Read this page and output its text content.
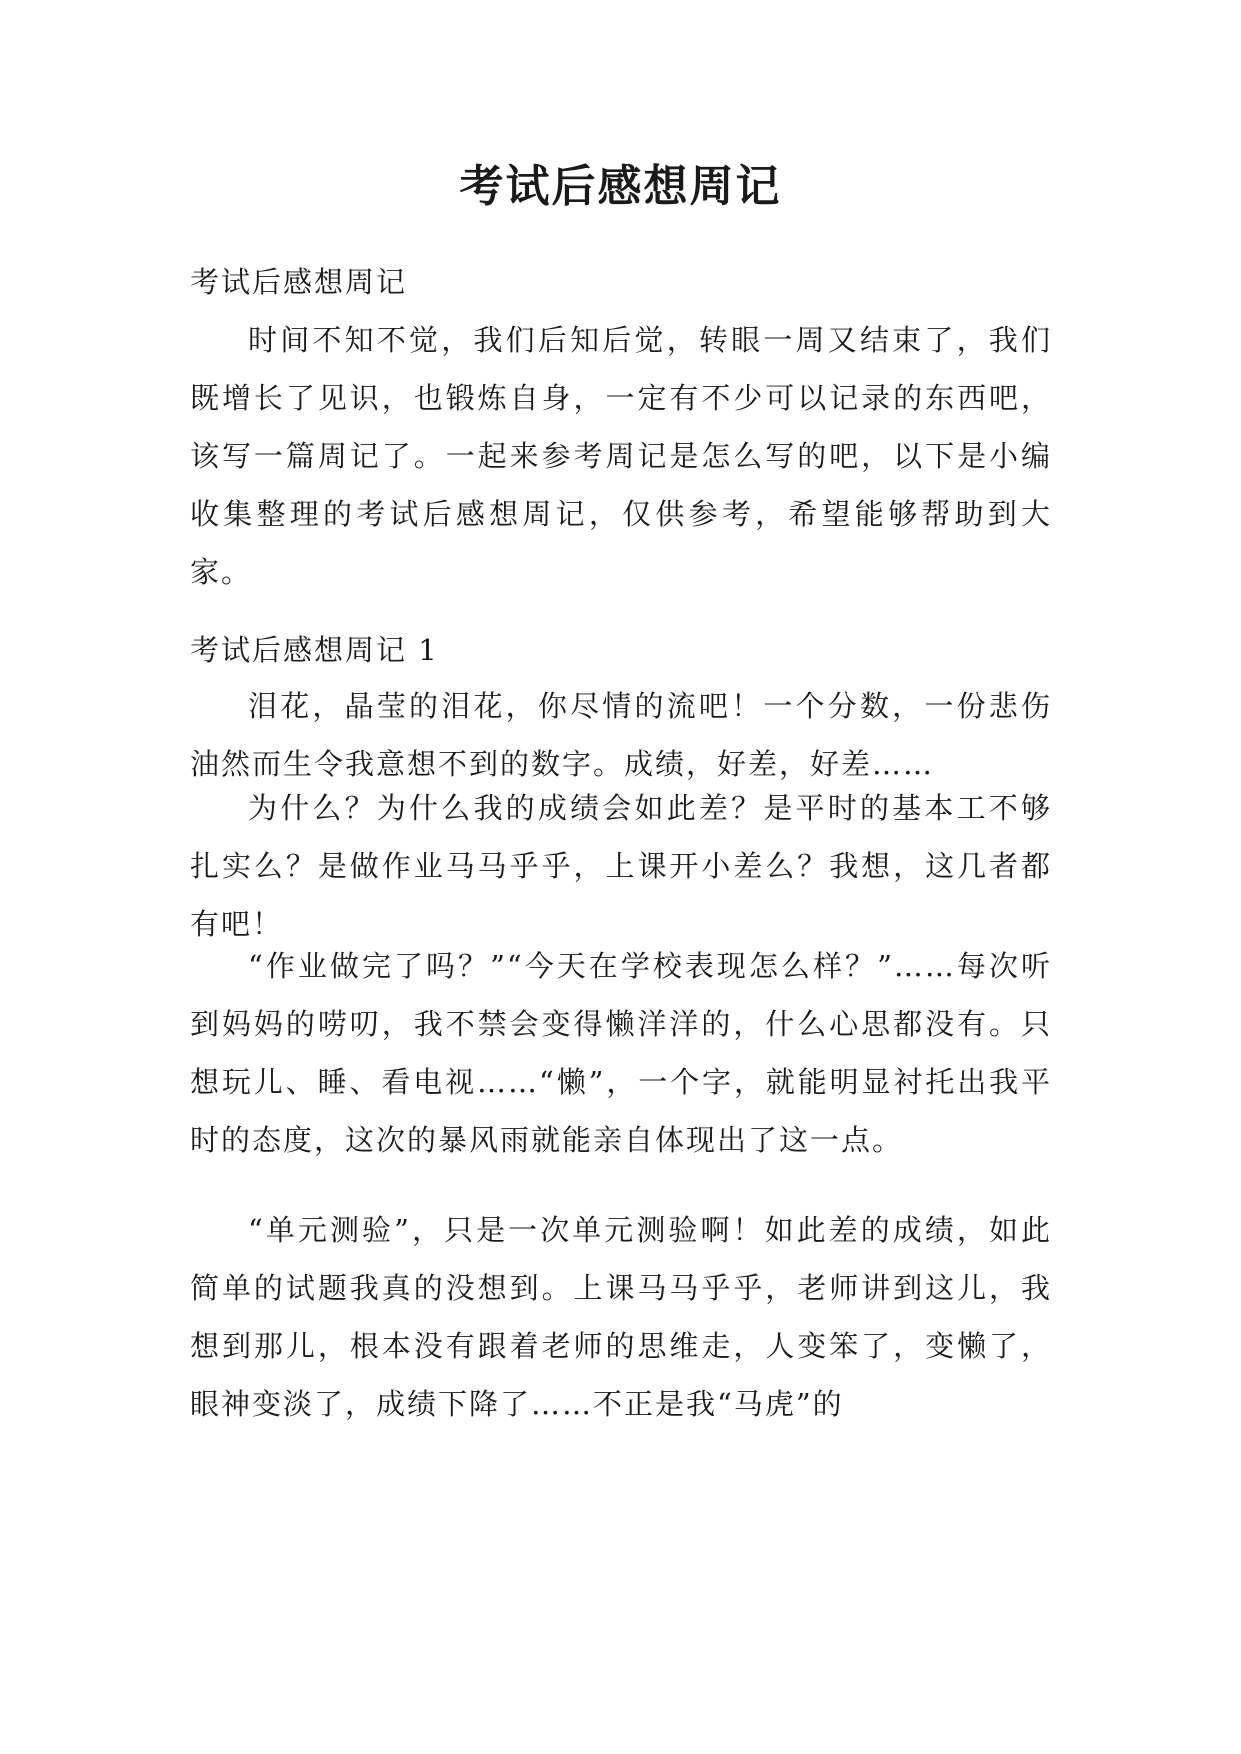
考试后感想周记

考试后感想周记

时间不知不觉，我们后知后觉，转眼一周又结束了，我们既增长了见识，也锻炼自身，一定有不少可以记录的东西吧，该写一篇周记了。一起来参考周记是怎么写的吧，以下是小编收集整理的考试后感想周记，仅供参考，希望能够帮助到大家。

考试后感想周记 1

泪花，晶莹的泪花，你尽情的流吧！一个分数，一份悲伤油然而生令我意想不到的数字。成绩，好差，好差……

为什么？为什么我的成绩会如此差？是平时的基本工不够扎实么？是做作业马马乎乎，上课开小差么？我想，这几者都有吧！

“作业做完了吗？”“今天在学校表现怎么样？”……每次听到妈妈的唠叨，我不禁会变得懒洋洋的，什么心思都没有。只想玩儿、睡、看电视……“懒”，一个字，就能明显衬托出我平时的态度，这次的暴风雨就能亲自体现出了这一点。

“单元测验”，只是一次单元测验啊！如此差的成绩，如此简单的试题我真的没想到。上课马马乎乎，老师讲到这儿，我想到那儿，根本没有跟着老师的思维走，人变笨了，变懒了，眼神变淡了，成绩下降了……不正是我“马虎”的
